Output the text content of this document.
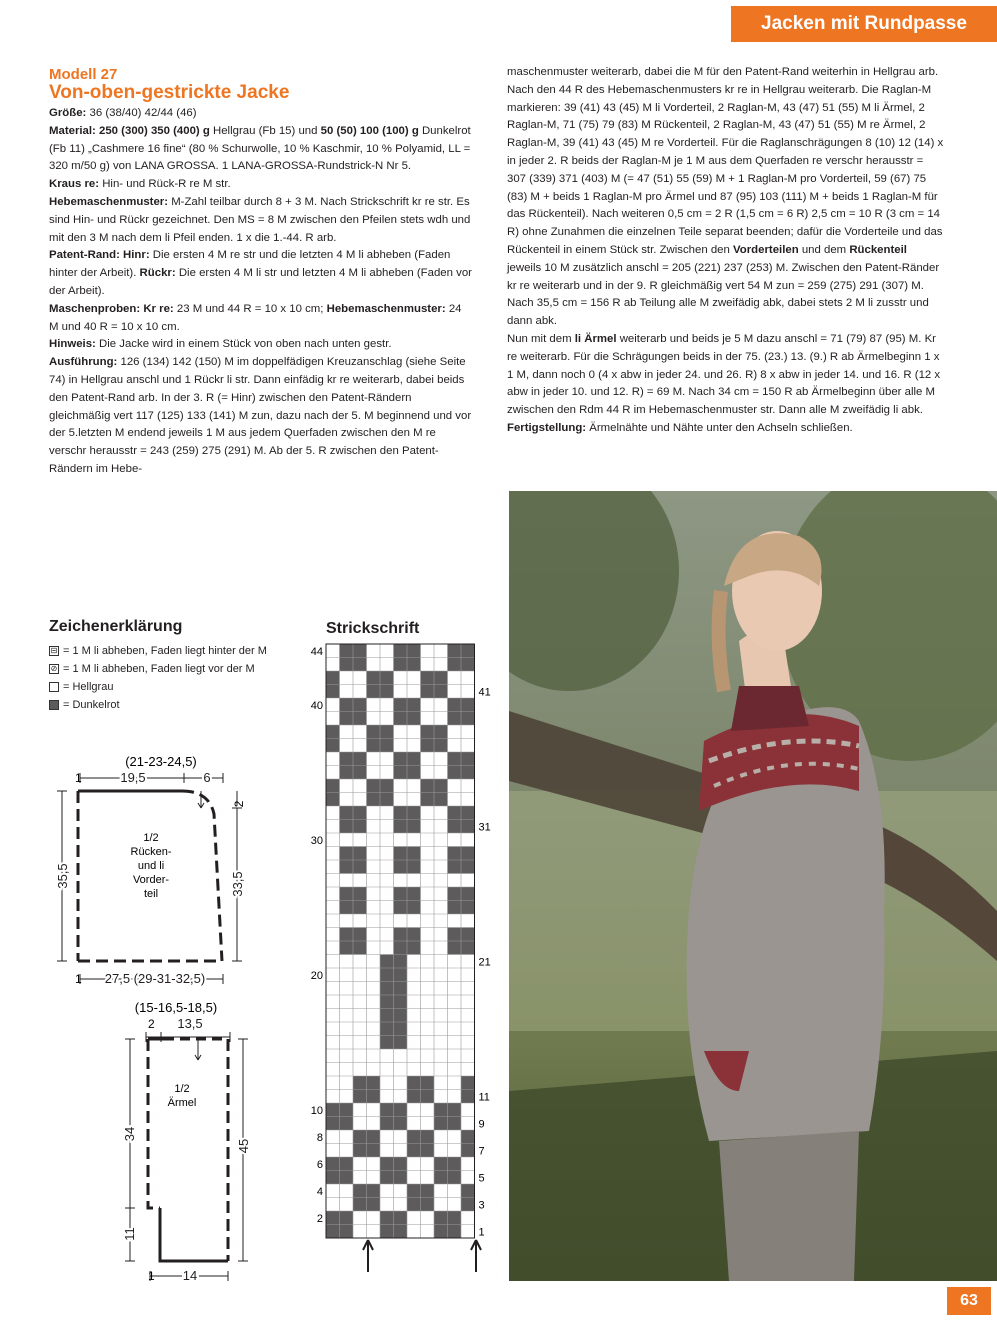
Jacken mit Rundpasse
Modell 27
Von-oben-gestrickte Jacke

Größe: 36 (38/40) 42/44 (46)

Material: 250 (300) 350 (400) g Hellgrau (Fb 15) und 50 (50) 100 (100) g Dunkelrot (Fb 11) „Cashmere 16 fine“ (80 % Schurwolle, 10 % Kaschmir, 10 % Polyamid, LL = 320 m/50 g) von LANA GROSSA. 1 LANA-GROSSA-Rundstrick-N Nr 5.

Kraus re: Hin- und Rück-R re M str.

Hebemaschenmuster: M-Zahl teilbar durch 8 + 3 M. Nach Strickschrift kr re str. Es sind Hin- und Rückr gezeichnet. Den MS = 8 M zwischen den Pfeilen stets wdh und mit den 3 M nach dem li Pfeil enden. 1 x die 1.-44. R arb.

Patent-Rand: Hinr: Die ersten 4 M re str und die letzten 4 M li abheben (Faden hinter der Arbeit). Rückr: Die ersten 4 M li str und letzten 4 M li abheben (Faden vor der Arbeit).

Maschenproben: Kr re: 23 M und 44 R = 10 x 10 cm; Hebemaschenmuster: 24 M und 40 R = 10 x 10 cm.

Hinweis: Die Jacke wird in einem Stück von oben nach unten gestr.

Ausführung: 126 (134) 142 (150) M im doppelfädigen Kreuzanschlag (siehe Seite 74) in Hellgrau anschl und 1 Rückr li str. Dann einfädig kr re weiterarb, dabei beids den Patent-Rand arb. In der 3. R (= Hinr) zwischen den Patent-Rändern gleichmäßig vert 117 (125) 133 (141) M zun, dazu nach der 5. M beginnend und vor der 5.letzten M endend jeweils 1 M aus jedem Querfaden zwischen den M re verschr herausstr = 243 (259) 275 (291) M. Ab der 5. R zwischen den Patent-Rändern im Hebe-

maschenmuster weiterarb, dabei die M für den Patent-Rand weiterhin in Hellgrau arb. Nach den 44 R des Hebemaschenmusters kr re in Hellgrau weiterarb. Die Raglan-M markieren: 39 (41) 43 (45) M li Vorderteil, 2 Raglan-M, 43 (47) 51 (55) M li Ärmel, 2 Raglan-M, 71 (75) 79 (83) M Rückenteil, 2 Raglan-M, 43 (47) 51 (55) M re Ärmel, 2 Raglan-M, 39 (41) 43 (45) M re Vorderteil. Für die Raglanschrägungen 8 (10) 12 (14) x in jeder 2. R beids der Raglan-M je 1 M aus dem Querfaden re verschr herausstr = 307 (339) 371 (403) M (= 47 (51) 55 (59) M + 1 Raglan-M pro Vorderteil, 59 (67) 75 (83) M + beids 1 Raglan-M pro Ärmel und 87 (95) 103 (111) M + beids 1 Raglan-M für das Rückenteil). Nach weiteren 0,5 cm = 2 R (1,5 cm = 6 R) 2,5 cm = 10 R (3 cm = 14 R) ohne Zunahmen die einzelnen Teile separat beenden; dafür die Vorderteile und das Rückenteil in einem Stück str. Zwischen den Vorderteilen und dem Rückenteil jeweils 10 M zusätzlich anschl = 205 (221) 237 (253) M. Zwischen den Patent-Ränder kr re weiterarb und in der 9. R gleichmäßig vert 54 M zun = 259 (275) 291 (307) M. Nach 35,5 cm = 156 R ab Teilung alle M zweifädig abk, dabei stets 2 M li zusstr und dann abk.

Nun mit dem li Ärmel weiterarb und beids je 5 M dazu anschl = 71 (79) 87 (95) M. Kr re weiterarb. Für die Schrägungen beids in der 75. (23.) 13. (9.) R ab Ärmelbeginn 1 x 1 M, dann noch 0 (4 x abw in jeder 24. und 26. R) 8 x abw in jeder 14. und 16. R (12 x abw in jeder 10. und 12. R) = 69 M. Nach 34 cm = 150 R ab Ärmelbeginn über alle M zwischen den Rdm 44 R im Hebemaschenmuster str. Dann alle M zweifädig li abk.

Fertigstellung: Ärmelnähte und Nähte unter den Achseln schließen.

Zeichenerklärung
⊟ = 1 M li abheben, Faden liegt hinter der M
⊘ = 1 M li abheben, Faden liegt vor der M
= Hellgrau
= Dunkelrot
(21-23-24,5)
1	19,5	6
2
1/2
Rücken-
und li
Vorder-
teil
35,5	33,5
1 27,5 (29-31-32,5)
(15-16,5-18,5)
2 13,5
1/2
Ärmel
34
11
45
1 14
Strickschrift
44
40
30
20
10
8
6
4
2
41
31
21
11
9
7
5
3
1
63
